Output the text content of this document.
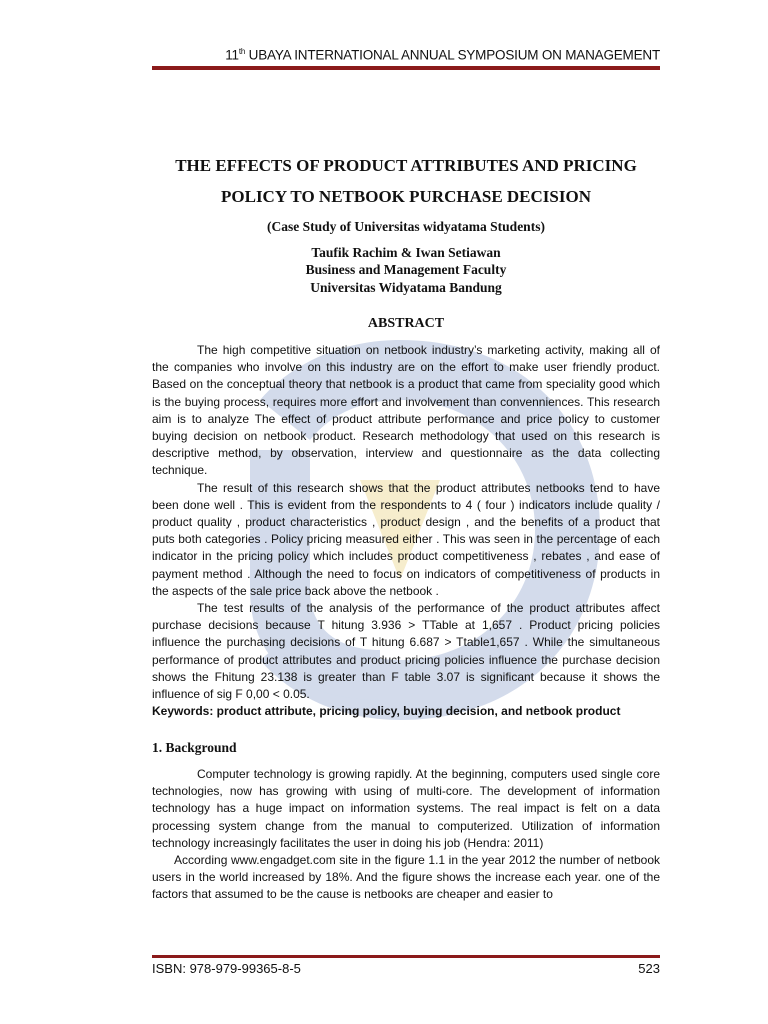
11th UBAYA INTERNATIONAL ANNUAL SYMPOSIUM ON MANAGEMENT
THE EFFECTS OF PRODUCT ATTRIBUTES AND PRICING
POLICY TO NETBOOK PURCHASE DECISION
(Case Study of Universitas widyatama Students)
Taufik Rachim & Iwan Setiawan
Business and Management Faculty
Universitas Widyatama Bandung
ABSTRACT

The high competitive situation on netbook industry’s marketing activity, making all of the companies who involve on this industry are on the effort to make user friendly product. Based on the conceptual theory that netbook is a product that came from speciality good which is the buying process, requires more effort and involvement than convenniences. This research aim is to analyze The effect of product attribute performance and price policy to customer buying decision on netbook product. Research methodology that used on this research is descriptive method, by observation, interview and questionnaire as the data collecting technique.

The result of this research shows that the product attributes netbooks tend to have been done well . This is evident from the respondents to 4 ( four ) indicators include quality / product quality , product characteristics , product design , and the benefits of a product that puts both categories . Policy pricing measured either . This was seen in the percentage of each indicator in the pricing policy which includes product competitiveness , rebates , and ease of payment method . Although the need to focus on indicators of competitiveness of products in the aspects of the sale price back above the netbook .

The test results of the analysis of the performance of the product attributes affect purchase decisions because T hitung 3.936 > TTable at 1,657 . Product pricing policies influence the purchasing decisions of T hitung 6.687 > Ttable1,657 . While the simultaneous performance of product attributes and product pricing policies influence the purchase decision shows the Fhitung 23.138 is greater than F table 3.07 is significant because it shows the influence of sig F 0,00 < 0.05.

Keywords: product attribute, pricing policy, buying decision, and netbook product

1. Background

Computer technology is growing rapidly. At the beginning, computers used single core technologies, now has growing with using of multi-core. The development of information technology has a huge impact on information systems. The real impact is felt on a data processing system change from the manual to computerized. Utilization of information technology increasingly facilitates the user in doing his job (Hendra: 2011)

According www.engadget.com site in the figure 1.1 in the year 2012 the number of netbook users in the world increased by 18%. And the figure shows the increase each year. one of the factors that assumed to be the cause is netbooks are cheaper and easier to

ISBN: 978-979-99365-8-5	523
